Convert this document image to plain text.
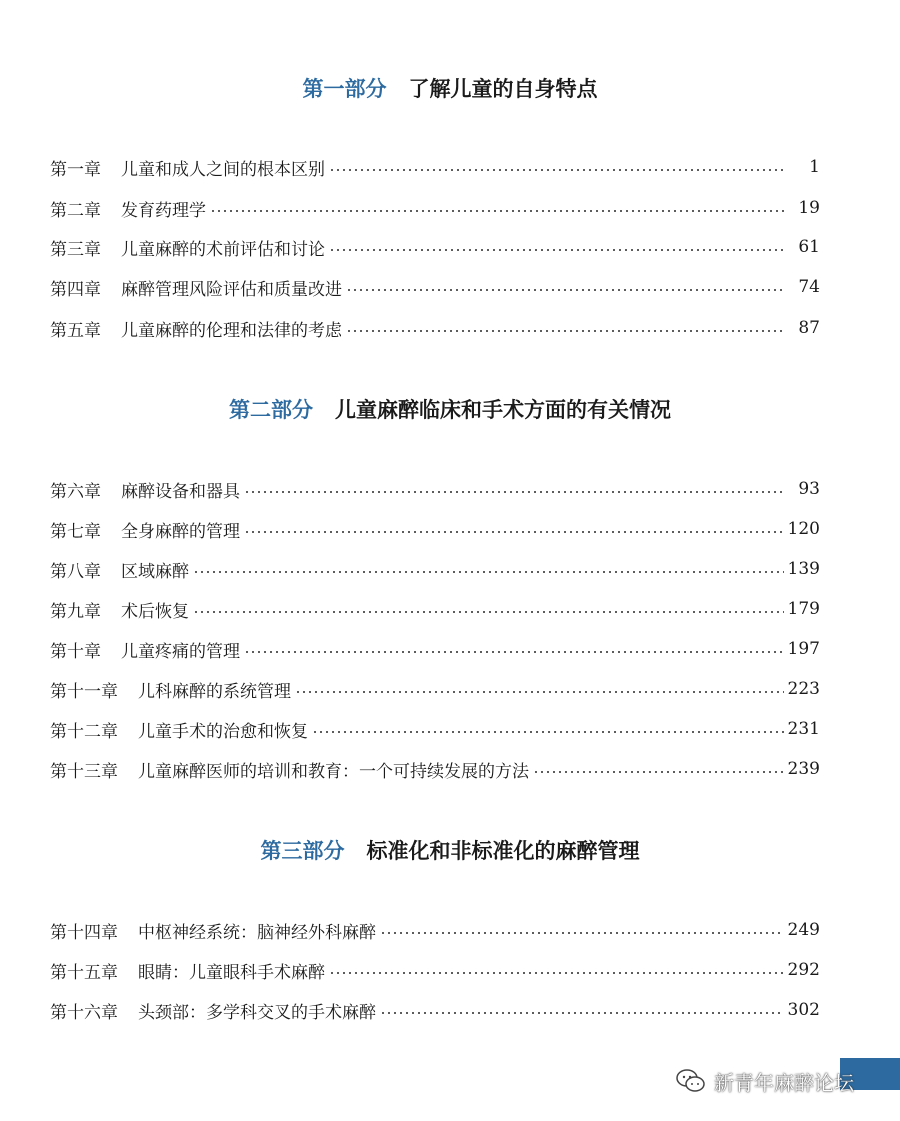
第一部分 了解儿童的自身特点
第一章 儿童和成人之间的根本区别	1
第二章 发育药理学	19
第三章 儿童麻醉的术前评估和讨论	61
第四章 麻醉管理风险评估和质量改进	74
第五章 儿童麻醉的伦理和法律的考虑	87
第二部分 儿童麻醉临床和手术方面的有关情况
第六章 麻醉设备和器具	93
第七章 全身麻醉的管理	120
第八章 区域麻醉	139
第九章 术后恢复	179
第十章 儿童疼痛的管理	197
第十一章 儿科麻醉的系统管理	223
第十二章 儿童手术的治愈和恢复	231
第十三章 儿童麻醉医师的培训和教育：一个可持续发展的方法	239
第三部分 标准化和非标准化的麻醉管理
第十四章 中枢神经系统：脑神经外科麻醉	249
第十五章 眼睛：儿童眼科手术麻醉	292
第十六章 头颈部：多学科交叉的手术麻醉	302
新青年麻醉论坛
